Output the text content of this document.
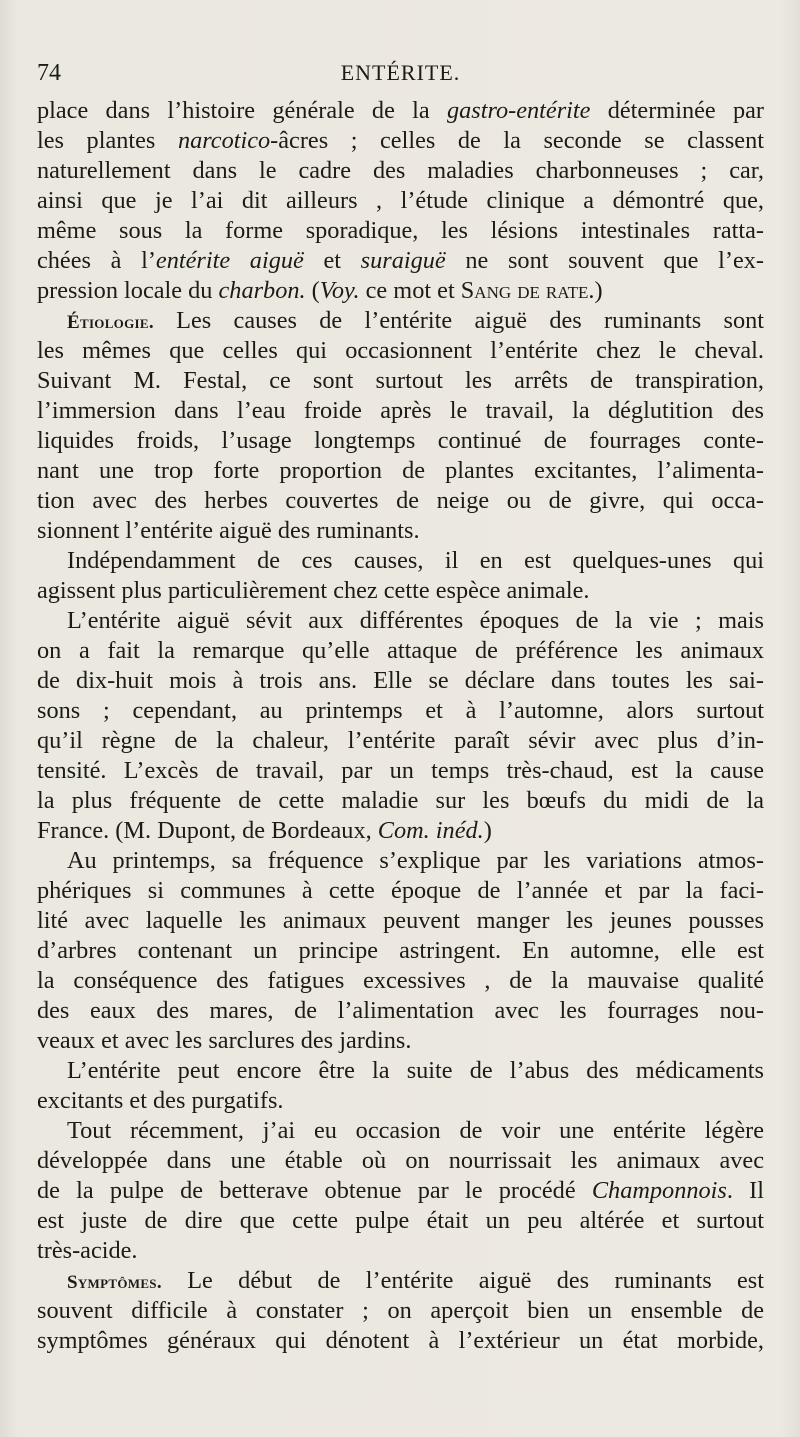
74	ENTÉRITE.
place dans l’histoire générale de la gastro-entérite déterminée par
les plantes narcotico-âcres ; celles de la seconde se classent
naturellement dans le cadre des maladies charbonneuses ; car,
ainsi que je l’ai dit ailleurs , l’étude clinique a démontré que,
même sous la forme sporadique, les lésions intestinales ratta-
chées à l’entérite aiguë et suraiguë ne sont souvent que l’ex-
pression locale du charbon. (Voy. ce mot et Sang de rate.)
Étiologie. Les causes de l’entérite aiguë des ruminants sont
les mêmes que celles qui occasionnent l’entérite chez le cheval.
Suivant M. Festal, ce sont surtout les arrêts de transpiration,
l’immersion dans l’eau froide après le travail, la déglutition des
liquides froids, l’usage longtemps continué de fourrages conte-
nant une trop forte proportion de plantes excitantes, l’alimenta-
tion avec des herbes couvertes de neige ou de givre, qui occa-
sionnent l’entérite aiguë des ruminants.
Indépendamment de ces causes, il en est quelques-unes qui
agissent plus particulièrement chez cette espèce animale.
L’entérite aiguë sévit aux différentes époques de la vie ; mais
on a fait la remarque qu’elle attaque de préférence les animaux
de dix-huit mois à trois ans. Elle se déclare dans toutes les sai-
sons ; cependant, au printemps et à l’automne, alors surtout
qu’il règne de la chaleur, l’entérite paraît sévir avec plus d’in-
tensité. L’excès de travail, par un temps très-chaud, est la cause
la plus fréquente de cette maladie sur les bœufs du midi de la
France. (M. Dupont, de Bordeaux, Com. inéd.)
Au printemps, sa fréquence s’explique par les variations atmos-
phériques si communes à cette époque de l’année et par la faci-
lité avec laquelle les animaux peuvent manger les jeunes pousses
d’arbres contenant un principe astringent. En automne, elle est
la conséquence des fatigues excessives , de la mauvaise qualité
des eaux des mares, de l’alimentation avec les fourrages nou-
veaux et avec les sarclures des jardins.
L’entérite peut encore être la suite de l’abus des médicaments
excitants et des purgatifs.
Tout récemment, j’ai eu occasion de voir une entérite légère
développée dans une étable où on nourrissait les animaux avec
de la pulpe de betterave obtenue par le procédé Champonnois. Il
est juste de dire que cette pulpe était un peu altérée et surtout
très-acide.
Symptômes. Le début de l’entérite aiguë des ruminants est
souvent difficile à constater ; on aperçoit bien un ensemble de
symptômes généraux qui dénotent à l’extérieur un état morbide,
